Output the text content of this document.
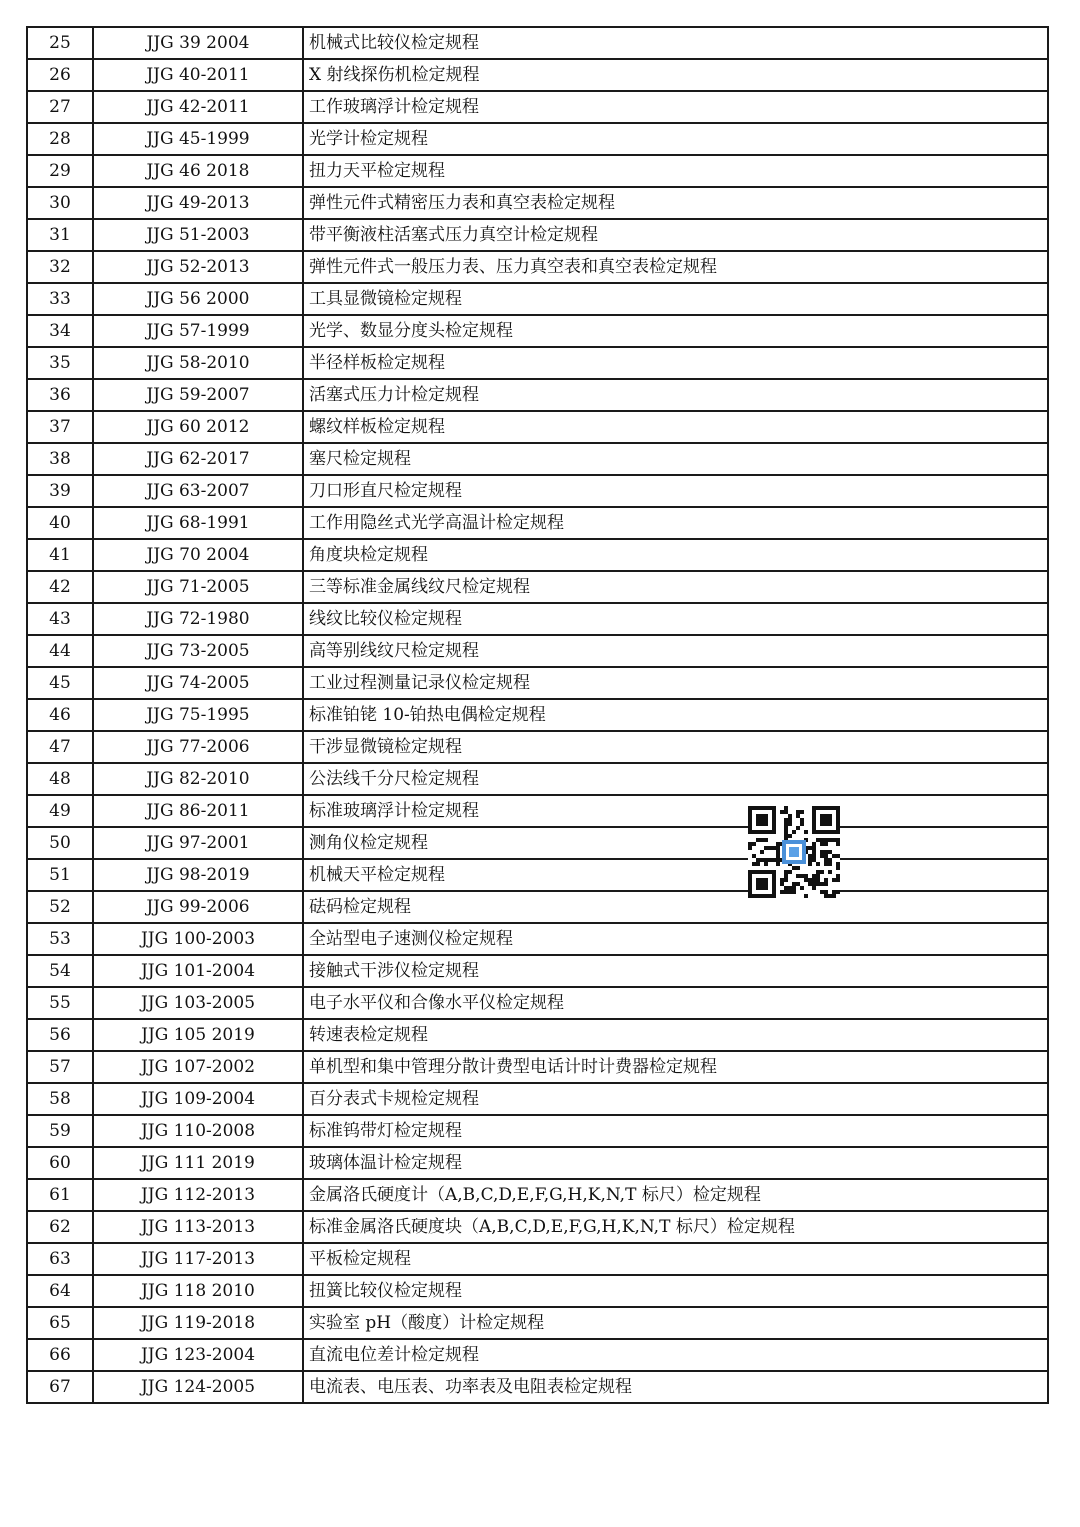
25	JJG 39 2004	机械式比较仪检定规程
26	JJG 40-2011	X 射线探伤机检定规程
27	JJG 42-2011	工作玻璃浮计检定规程
28	JJG 45-1999	光学计检定规程
29	JJG 46 2018	扭力天平检定规程
30	JJG 49-2013	弹性元件式精密压力表和真空表检定规程
31	JJG 51-2003	带平衡液柱活塞式压力真空计检定规程
32	JJG 52-2013	弹性元件式一般压力表、压力真空表和真空表检定规程
33	JJG 56 2000	工具显微镜检定规程
34	JJG 57-1999	光学、数显分度头检定规程
35	JJG 58-2010	半径样板检定规程
36	JJG 59-2007	活塞式压力计检定规程
37	JJG 60 2012	螺纹样板检定规程
38	JJG 62-2017	塞尺检定规程
39	JJG 63-2007	刀口形直尺检定规程
40	JJG 68-1991	工作用隐丝式光学高温计检定规程
41	JJG 70 2004	角度块检定规程
42	JJG 71-2005	三等标准金属线纹尺检定规程
43	JJG 72-1980	线纹比较仪检定规程
44	JJG 73-2005	高等别线纹尺检定规程
45	JJG 74-2005	工业过程测量记录仪检定规程
46	JJG 75-1995	标准铂铑 10-铂热电偶检定规程
47	JJG 77-2006	干涉显微镜检定规程
48	JJG 82-2010	公法线千分尺检定规程
49	JJG 86-2011	标准玻璃浮计检定规程
50	JJG 97-2001	测角仪检定规程
51	JJG 98-2019	机械天平检定规程
52	JJG 99-2006	砝码检定规程
53	JJG 100-2003	全站型电子速测仪检定规程
54	JJG 101-2004	接触式干涉仪检定规程
55	JJG 103-2005	电子水平仪和合像水平仪检定规程
56	JJG 105 2019	转速表检定规程
57	JJG 107-2002	单机型和集中管理分散计费型电话计时计费器检定规程
58	JJG 109-2004	百分表式卡规检定规程
59	JJG 110-2008	标准钨带灯检定规程
60	JJG 111 2019	玻璃体温计检定规程
61	JJG 112-2013	金属洛氏硬度计（A,B,C,D,E,F,G,H,K,N,T 标尺）检定规程
62	JJG 113-2013	标准金属洛氏硬度块（A,B,C,D,E,F,G,H,K,N,T 标尺）检定规程
63	JJG 117-2013	平板检定规程
64	JJG 118 2010	扭簧比较仪检定规程
65	JJG 119-2018	实验室 pH（酸度）计检定规程
66	JJG 123-2004	直流电位差计检定规程
67	JJG 124-2005	电流表、电压表、功率表及电阻表检定规程
